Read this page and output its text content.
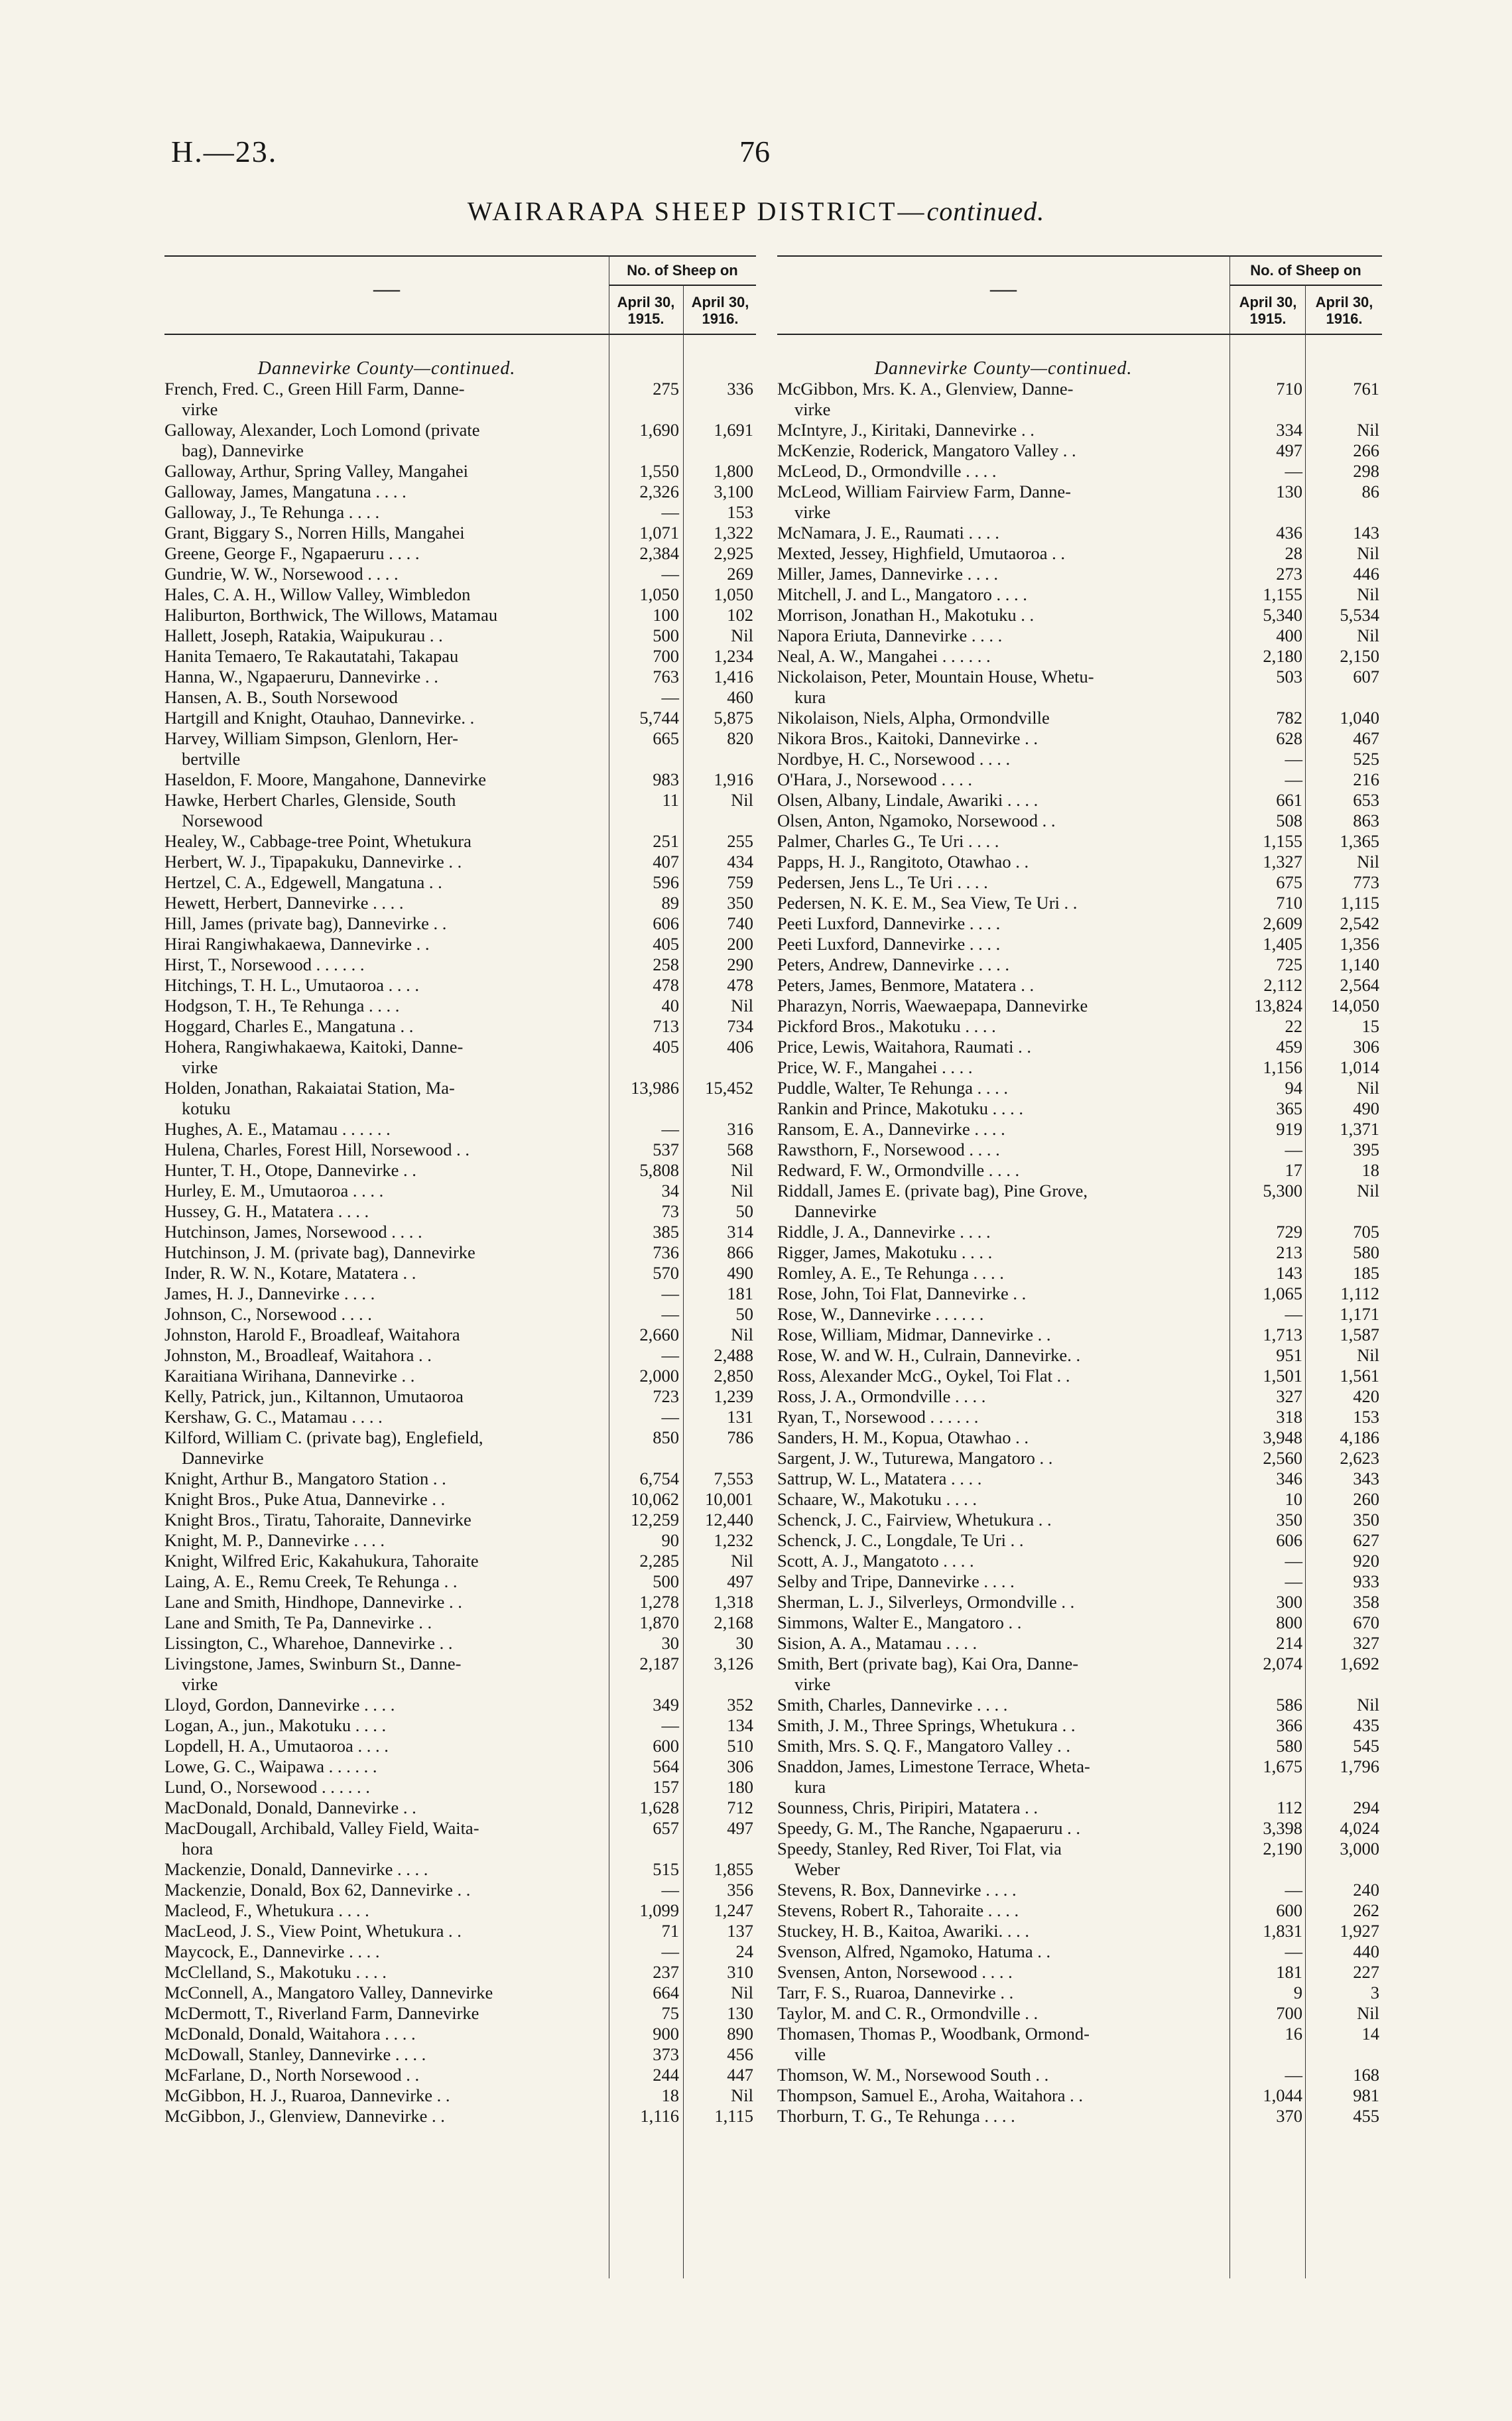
H.—23.	76
WAIRARAPA SHEEP DISTRICT—continued.
—
No. of Sheep on
April 30, 1915.
April 30, 1916.
Dannevirke County—continued.
French, Fred. C., Green Hill Farm, Danne-
virke
275	336
Galloway, Alexander, Loch Lomond (private
bag), Dannevirke
1,690	1,691
Galloway, Arthur, Spring Valley, Mangahei	1,550	1,800
Galloway, James, Mangatuna . . . .	2,326	3,100
Galloway, J., Te Rehunga . . . .	—	153
Grant, Biggary S., Norren Hills, Mangahei	1,071	1,322
Greene, George F., Ngapaeruru . . . .	2,384	2,925
Gundrie, W. W., Norsewood . . . .	—	269
Hales, C. A. H., Willow Valley, Wimbledon	1,050	1,050
Haliburton, Borthwick, The Willows, Matamau	100	102
Hallett, Joseph, Ratakia, Waipukurau . .	500	Nil
Hanita Temaero, Te Rakautatahi, Takapau	700	1,234
Hanna, W., Ngapaeruru, Dannevirke . .	763	1,416
Hansen, A. B., South Norsewood	—	460
Hartgill and Knight, Otauhao, Dannevirke. .	5,744	5,875
Harvey, William Simpson, Glenlorn, Her-
bertville
665	820
Haseldon, F. Moore, Mangahone, Dannevirke	983	1,916
Hawke, Herbert Charles, Glenside, South
Norsewood
11	Nil
Healey, W., Cabbage-tree Point, Whetukura	251	255
Herbert, W. J., Tipapakuku, Dannevirke . .	407	434
Hertzel, C. A., Edgewell, Mangatuna . .	596	759
Hewett, Herbert, Dannevirke . . . .	89	350
Hill, James (private bag), Dannevirke . .	606	740
Hirai Rangiwhakaewa, Dannevirke . .	405	200
Hirst, T., Norsewood . . . . . .	258	290
Hitchings, T. H. L., Umutaoroa . . . .	478	478
Hodgson, T. H., Te Rehunga . . . .	40	Nil
Hoggard, Charles E., Mangatuna . .	713	734
Hohera, Rangiwhakaewa, Kaitoki, Danne-
virke
405	406
Holden, Jonathan, Rakaiatai Station, Ma-
kotuku
13,986	15,452
Hughes, A. E., Matamau . . . . . .	—	316
Hulena, Charles, Forest Hill, Norsewood . .	537	568
Hunter, T. H., Otope, Dannevirke . .	5,808	Nil
Hurley, E. M., Umutaoroa . . . .	34	Nil
Hussey, G. H., Matatera . . . .	73	50
Hutchinson, James, Norsewood . . . .	385	314
Hutchinson, J. M. (private bag), Dannevirke	736	866
Inder, R. W. N., Kotare, Matatera . .	570	490
James, H. J., Dannevirke . . . .	—	181
Johnson, C., Norsewood . . . .	—	50
Johnston, Harold F., Broadleaf, Waitahora	2,660	Nil
Johnston, M., Broadleaf, Waitahora . .	—	2,488
Karaitiana Wirihana, Dannevirke . .	2,000	2,850
Kelly, Patrick, jun., Kiltannon, Umutaoroa	723	1,239
Kershaw, G. C., Matamau . . . .	—	131
Kilford, William C. (private bag), Englefield,
Dannevirke
850	786
Knight, Arthur B., Mangatoro Station . .	6,754	7,553
Knight Bros., Puke Atua, Dannevirke . .	10,062	10,001
Knight Bros., Tiratu, Tahoraite, Dannevirke	12,259	12,440
Knight, M. P., Dannevirke . . . .	90	1,232
Knight, Wilfred Eric, Kakahukura, Tahoraite	2,285	Nil
Laing, A. E., Remu Creek, Te Rehunga . .	500	497
Lane and Smith, Hindhope, Dannevirke . .	1,278	1,318
Lane and Smith, Te Pa, Dannevirke . .	1,870	2,168
Lissington, C., Wharehoe, Dannevirke . .	30	30
Livingstone, James, Swinburn St., Danne-
virke
2,187	3,126
Lloyd, Gordon, Dannevirke . . . .	349	352
Logan, A., jun., Makotuku . . . .	—	134
Lopdell, H. A., Umutaoroa . . . .	600	510
Lowe, G. C., Waipawa . . . . . .	564	306
Lund, O., Norsewood . . . . . .	157	180
MacDonald, Donald, Dannevirke . .	1,628	712
MacDougall, Archibald, Valley Field, Waita-
hora
657	497
Mackenzie, Donald, Dannevirke . . . .	515	1,855
Mackenzie, Donald, Box 62, Dannevirke . .	—	356
Macleod, F., Whetukura . . . .	1,099	1,247
MacLeod, J. S., View Point, Whetukura . .	71	137
Maycock, E., Dannevirke . . . .	—	24
McClelland, S., Makotuku . . . .	237	310
McConnell, A., Mangatoro Valley, Dannevirke	664	Nil
McDermott, T., Riverland Farm, Dannevirke	75	130
McDonald, Donald, Waitahora . . . .	900	890
McDowall, Stanley, Dannevirke . . . .	373	456
McFarlane, D., North Norsewood . .	244	447
McGibbon, H. J., Ruaroa, Dannevirke . .	18	Nil
McGibbon, J., Glenview, Dannevirke . .	1,116	1,115
—
No. of Sheep on
April 30, 1915.
April 30, 1916.
Dannevirke County—continued.
McGibbon, Mrs. K. A., Glenview, Danne-
virke
710	761
McIntyre, J., Kiritaki, Dannevirke . .	334	Nil
McKenzie, Roderick, Mangatoro Valley . .	497	266
McLeod, D., Ormondville . . . .	—	298
McLeod, William Fairview Farm, Danne-
virke
130	86
McNamara, J. E., Raumati . . . .	436	143
Mexted, Jessey, Highfield, Umutaoroa . .	28	Nil
Miller, James, Dannevirke . . . .	273	446
Mitchell, J. and L., Mangatoro . . . .	1,155	Nil
Morrison, Jonathan H., Makotuku . .	5,340	5,534
Napora Eriuta, Dannevirke . . . .	400	Nil
Neal, A. W., Mangahei . . . . . .	2,180	2,150
Nickolaison, Peter, Mountain House, Whetu-
kura
503	607
Nikolaison, Niels, Alpha, Ormondville	782	1,040
Nikora Bros., Kaitoki, Dannevirke . .	628	467
Nordbye, H. C., Norsewood . . . .	—	525
O'Hara, J., Norsewood . . . .	—	216
Olsen, Albany, Lindale, Awariki . . . .	661	653
Olsen, Anton, Ngamoko, Norsewood . .	508	863
Palmer, Charles G., Te Uri . . . .	1,155	1,365
Papps, H. J., Rangitoto, Otawhao . .	1,327	Nil
Pedersen, Jens L., Te Uri . . . .	675	773
Pedersen, N. K. E. M., Sea View, Te Uri . .	710	1,115
Peeti Luxford, Dannevirke . . . .	2,609	2,542
Peeti Luxford, Dannevirke . . . .	1,405	1,356
Peters, Andrew, Dannevirke . . . .	725	1,140
Peters, James, Benmore, Matatera . .	2,112	2,564
Pharazyn, Norris, Waewaepapa, Dannevirke	13,824	14,050
Pickford Bros., Makotuku . . . .	22	15
Price, Lewis, Waitahora, Raumati . .	459	306
Price, W. F., Mangahei . . . .	1,156	1,014
Puddle, Walter, Te Rehunga . . . .	94	Nil
Rankin and Prince, Makotuku . . . .	365	490
Ransom, E. A., Dannevirke . . . .	919	1,371
Rawsthorn, F., Norsewood . . . .	—	395
Redward, F. W., Ormondville . . . .	17	18
Riddall, James E. (private bag), Pine Grove,
Dannevirke
5,300	Nil
Riddle, J. A., Dannevirke . . . .	729	705
Rigger, James, Makotuku . . . .	213	580
Romley, A. E., Te Rehunga . . . .	143	185
Rose, John, Toi Flat, Dannevirke . .	1,065	1,112
Rose, W., Dannevirke . . . . . .	—	1,171
Rose, William, Midmar, Dannevirke . .	1,713	1,587
Rose, W. and W. H., Culrain, Dannevirke. .	951	Nil
Ross, Alexander McG., Oykel, Toi Flat . .	1,501	1,561
Ross, J. A., Ormondville . . . .	327	420
Ryan, T., Norsewood . . . . . .	318	153
Sanders, H. M., Kopua, Otawhao . .	3,948	4,186
Sargent, J. W., Tuturewa, Mangatoro . .	2,560	2,623
Sattrup, W. L., Matatera . . . .	346	343
Schaare, W., Makotuku . . . .	10	260
Schenck, J. C., Fairview, Whetukura . .	350	350
Schenck, J. C., Longdale, Te Uri . .	606	627
Scott, A. J., Mangatoto . . . .	—	920
Selby and Tripe, Dannevirke . . . .	—	933
Sherman, L. J., Silverleys, Ormondville . .	300	358
Simmons, Walter E., Mangatoro . .	800	670
Sision, A. A., Matamau . . . .	214	327
Smith, Bert (private bag), Kai Ora, Danne-
virke
2,074	1,692
Smith, Charles, Dannevirke . . . .	586	Nil
Smith, J. M., Three Springs, Whetukura . .	366	435
Smith, Mrs. S. Q. F., Mangatoro Valley . .	580	545
Snaddon, James, Limestone Terrace, Wheta-
kura
1,675	1,796
Sounness, Chris, Piripiri, Matatera . .	112	294
Speedy, G. M., The Ranche, Ngapaeruru . .	3,398	4,024
Speedy, Stanley, Red River, Toi Flat, via
Weber
2,190	3,000
Stevens, R. Box, Dannevirke . . . .	—	240
Stevens, Robert R., Tahoraite . . . .	600	262
Stuckey, H. B., Kaitoa, Awariki. . . .	1,831	1,927
Svenson, Alfred, Ngamoko, Hatuma . .	—	440
Svensen, Anton, Norsewood . . . .	181	227
Tarr, F. S., Ruaroa, Dannevirke . .	9	3
Taylor, M. and C. R., Ormondville . .	700	Nil
Thomasen, Thomas P., Woodbank, Ormond-
ville
16	14
Thomson, W. M., Norsewood South . .	—	168
Thompson, Samuel E., Aroha, Waitahora . .	1,044	981
Thorburn, T. G., Te Rehunga . . . .	370	455
